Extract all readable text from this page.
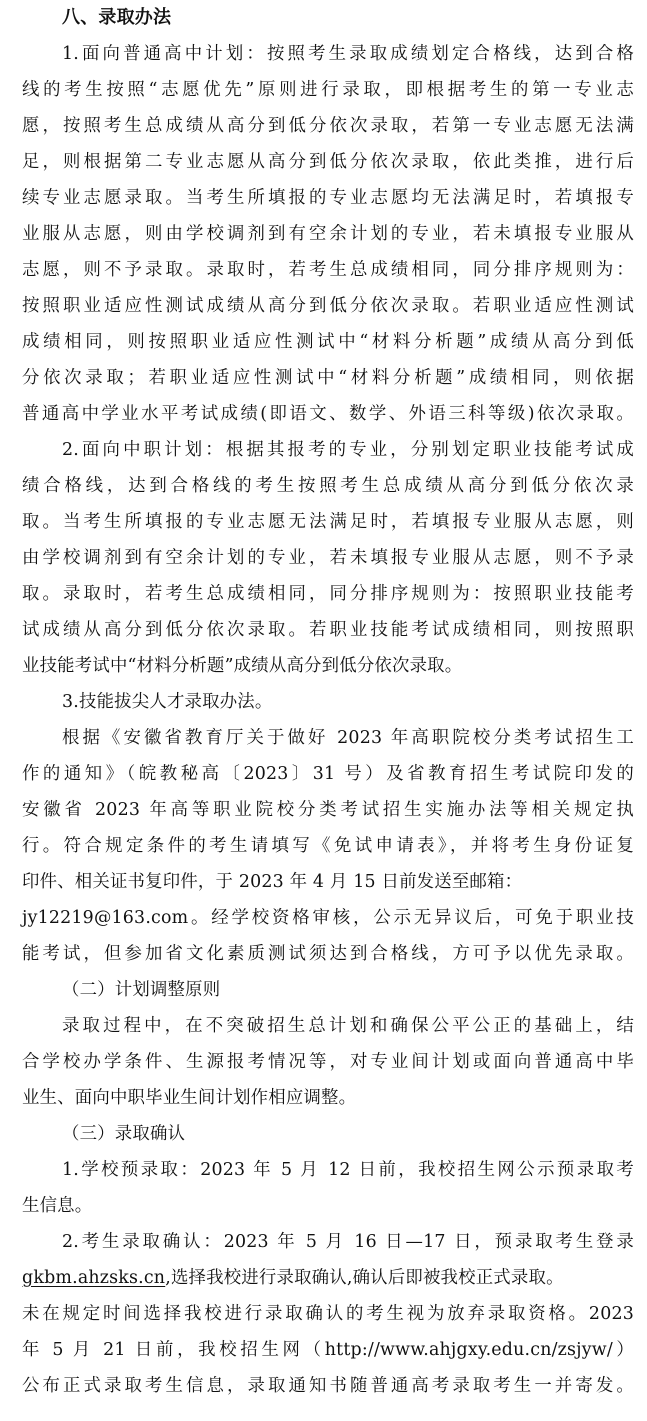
八、录取办法
1.面向普通高中计划：按照考生录取成绩划定合格线，达到合格
线的考生按照“志愿优先”原则进行录取，即根据考生的第一专业志
愿，按照考生总成绩从高分到低分依次录取，若第一专业志愿无法满
足，则根据第二专业志愿从高分到低分依次录取，依此类推，进行后
续专业志愿录取。当考生所填报的专业志愿均无法满足时，若填报专
业服从志愿，则由学校调剂到有空余计划的专业，若未填报专业服从
志愿，则不予录取。录取时，若考生总成绩相同，同分排序规则为：
按照职业适应性测试成绩从高分到低分依次录取。若职业适应性测试
成绩相同，则按照职业适应性测试中“材料分析题”成绩从高分到低
分依次录取；若职业适应性测试中“材料分析题”成绩相同，则依据
普通高中学业水平考试成绩(即语文、数学、外语三科等级)依次录取。
2.面向中职计划：根据其报考的专业，分别划定职业技能考试成
绩合格线，达到合格线的考生按照考生总成绩从高分到低分依次录
取。当考生所填报的专业志愿无法满足时，若填报专业服从志愿，则
由学校调剂到有空余计划的专业，若未填报专业服从志愿，则不予录
取。录取时，若考生总成绩相同，同分排序规则为：按照职业技能考
试成绩从高分到低分依次录取。若职业技能考试成绩相同，则按照职
业技能考试中“材料分析题”成绩从高分到低分依次录取。
3.技能拔尖人才录取办法。
根据《安徽省教育厅关于做好 2023 年高职院校分类考试招生工
作的通知》（皖教秘高〔2023〕31 号）及省教育招生考试院印发的
安徽省 2023 年高等职业院校分类考试招生实施办法等相关规定执
行。符合规定条件的考生请填写《免试申请表》，并将考生身份证复
印件、相关证书复印件，于 2023 年 4 月 15 日前发送至邮箱：
jy12219@163.com。经学校资格审核，公示无异议后，可免于职业技
能考试，但参加省文化素质测试须达到合格线，方可予以优先录取。
（二）计划调整原则
录取过程中，在不突破招生总计划和确保公平公正的基础上，结
合学校办学条件、生源报考情况等，对专业间计划或面向普通高中毕
业生、面向中职毕业生间计划作相应调整。
（三）录取确认
1.学校预录取：2023 年 5 月 12 日前，我校招生网公示预录取考
生信息。
2.考生录取确认：2023 年 5 月 16 日—17 日，预录取考生登录
gkbm.ahzsks.cn,选择我校进行录取确认,确认后即被我校正式录取。
未在规定时间选择我校进行录取确认的考生视为放弃录取资格。2023
年 5 月 21 日前，我校招生网（http://www.ahjgxy.edu.cn/zsjyw/）
公布正式录取考生信息，录取通知书随普通高考录取考生一并寄发。
